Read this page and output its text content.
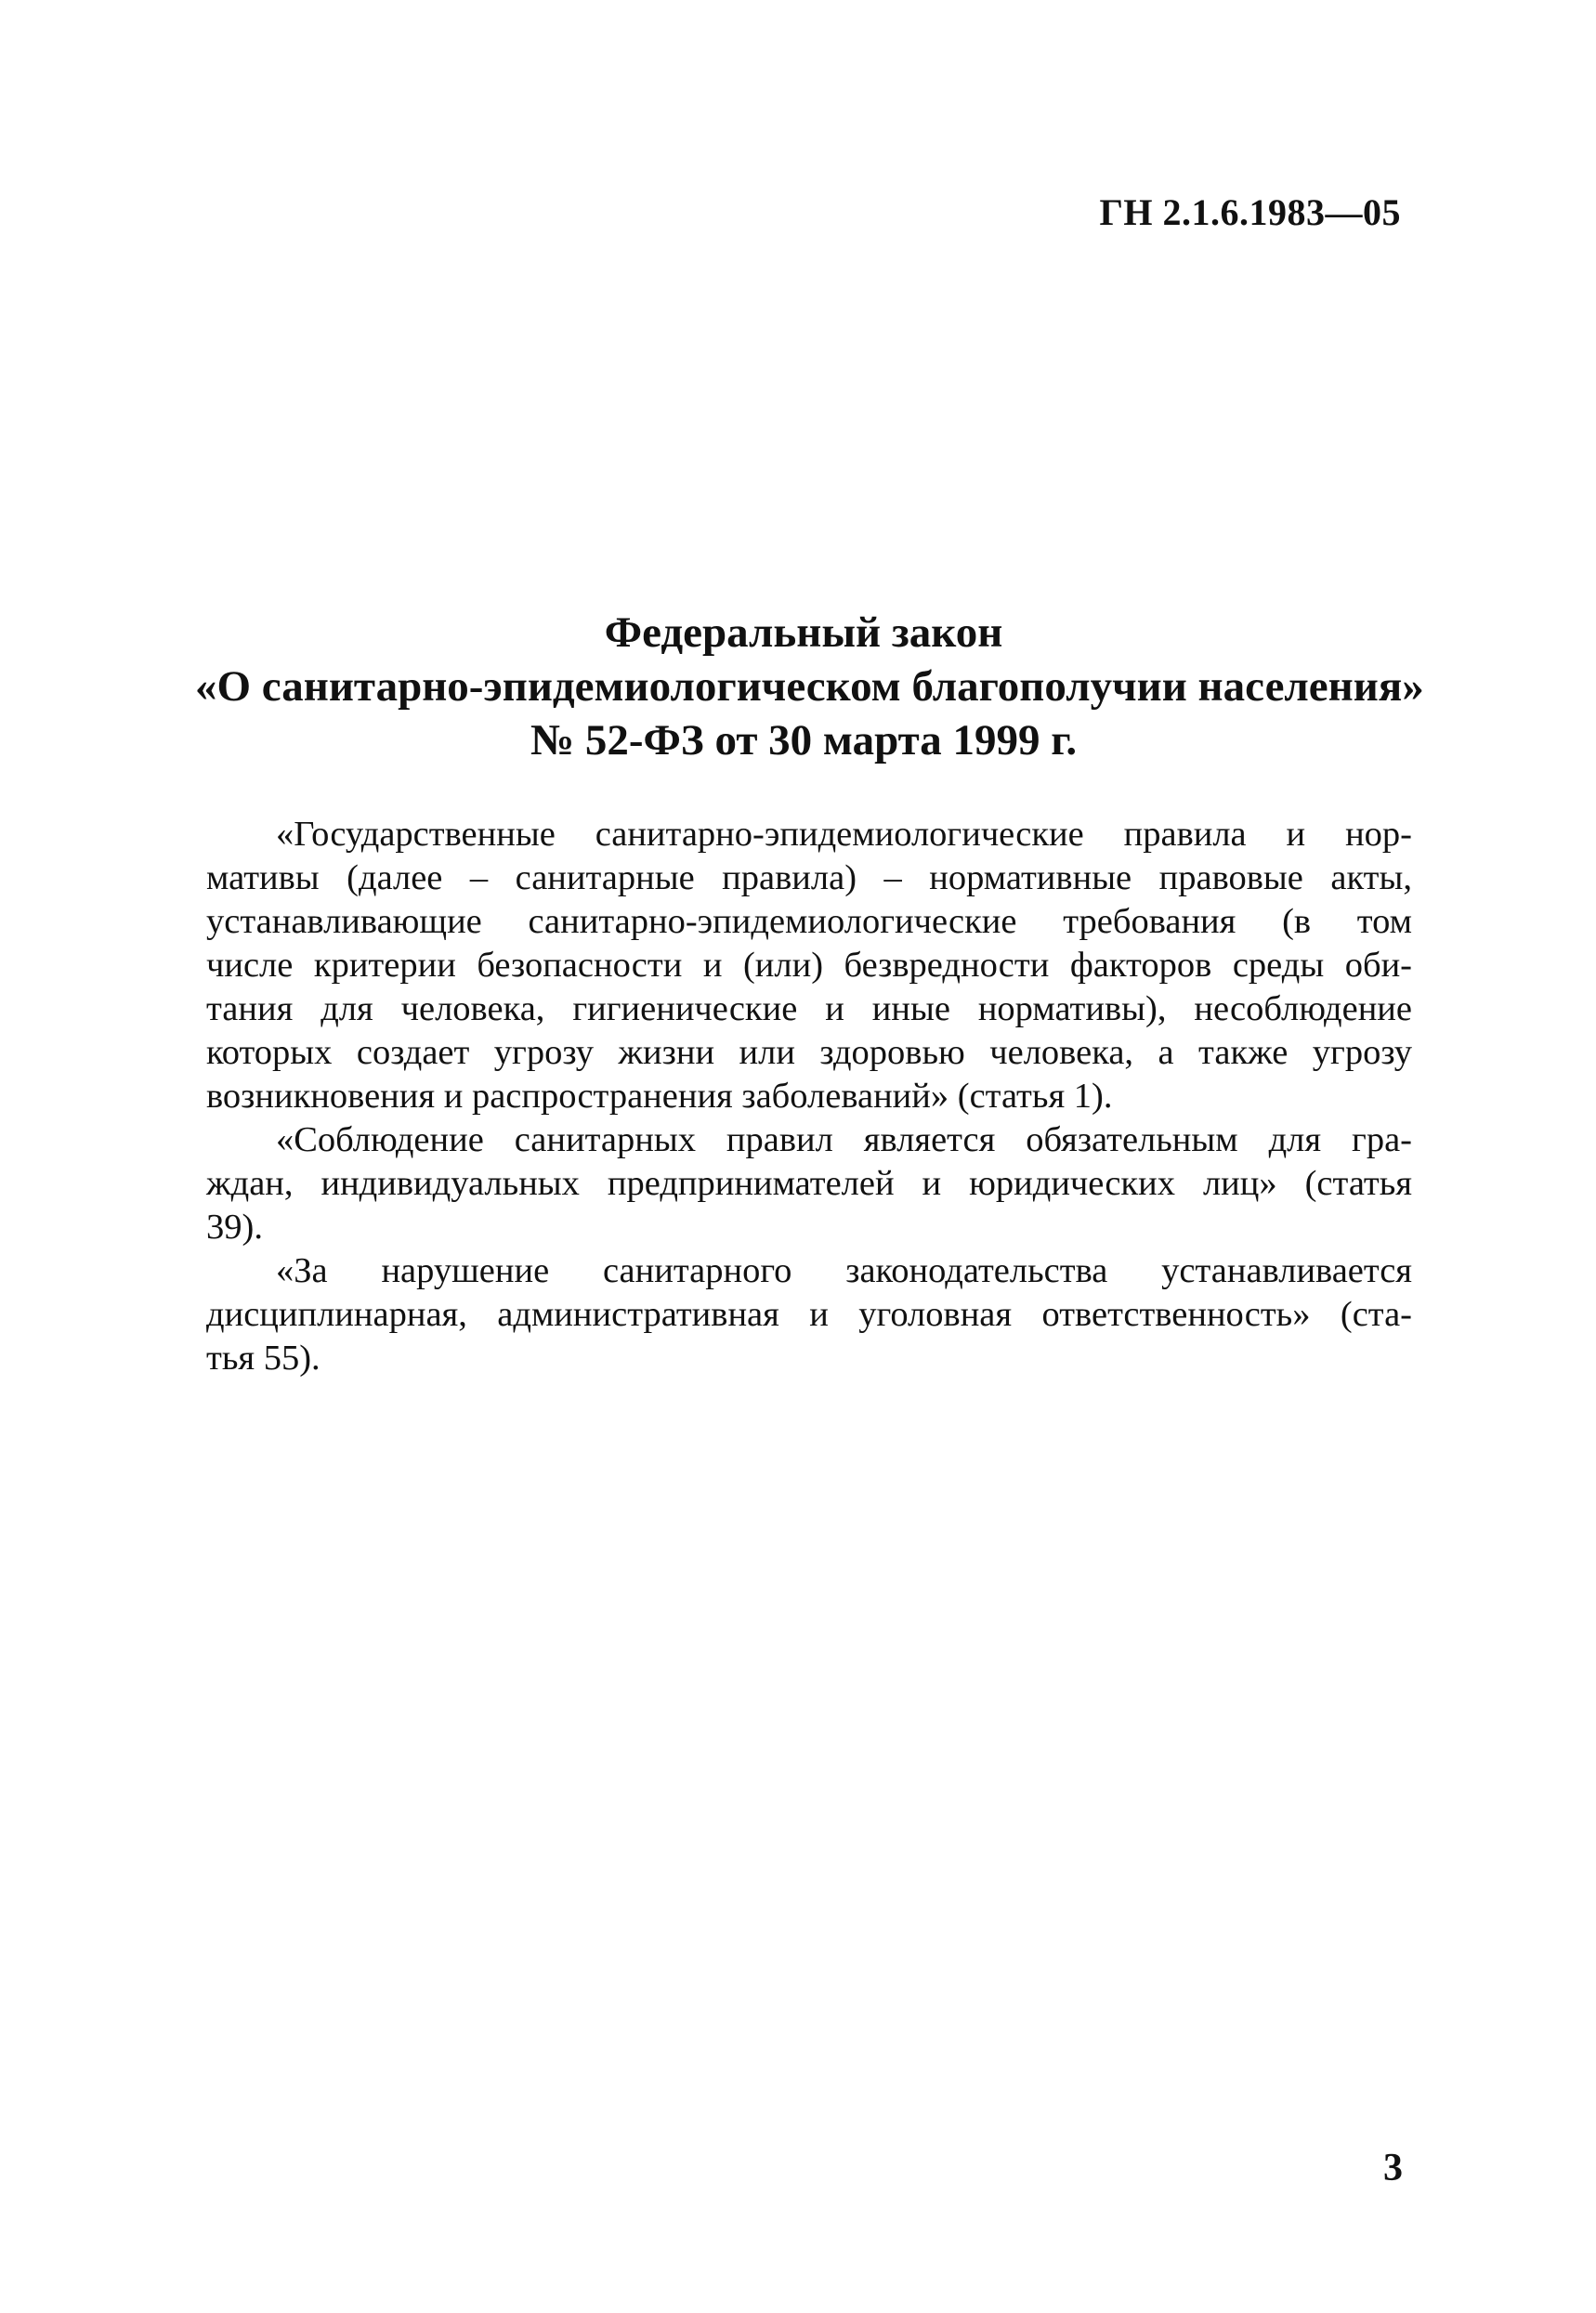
ГН 2.1.6.1983—05
Федеральный закон
«О санитарно-эпидемиологическом благополучии населения»
№ 52-ФЗ от 30 марта 1999 г.

«Государственные санитарно-эпидемиологические правила и нор-
мативы (далее – санитарные правила) – нормативные правовые акты,
устанавливающие санитарно-эпидемиологические требования (в том
числе критерии безопасности и (или) безвредности факторов среды оби-
тания для человека, гигиенические и иные нормативы), несоблюдение
которых создает угрозу жизни или здоровью человека, а также угрозу
возникновения и распространения заболеваний» (статья 1).

«Соблюдение санитарных правил является обязательным для гра-
ждан, индивидуальных предпринимателей и юридических лиц» (статья
39).

«За нарушение санитарного законодательства устанавливается
дисциплинарная, административная и уголовная ответственность» (ста-
тья 55).

3
